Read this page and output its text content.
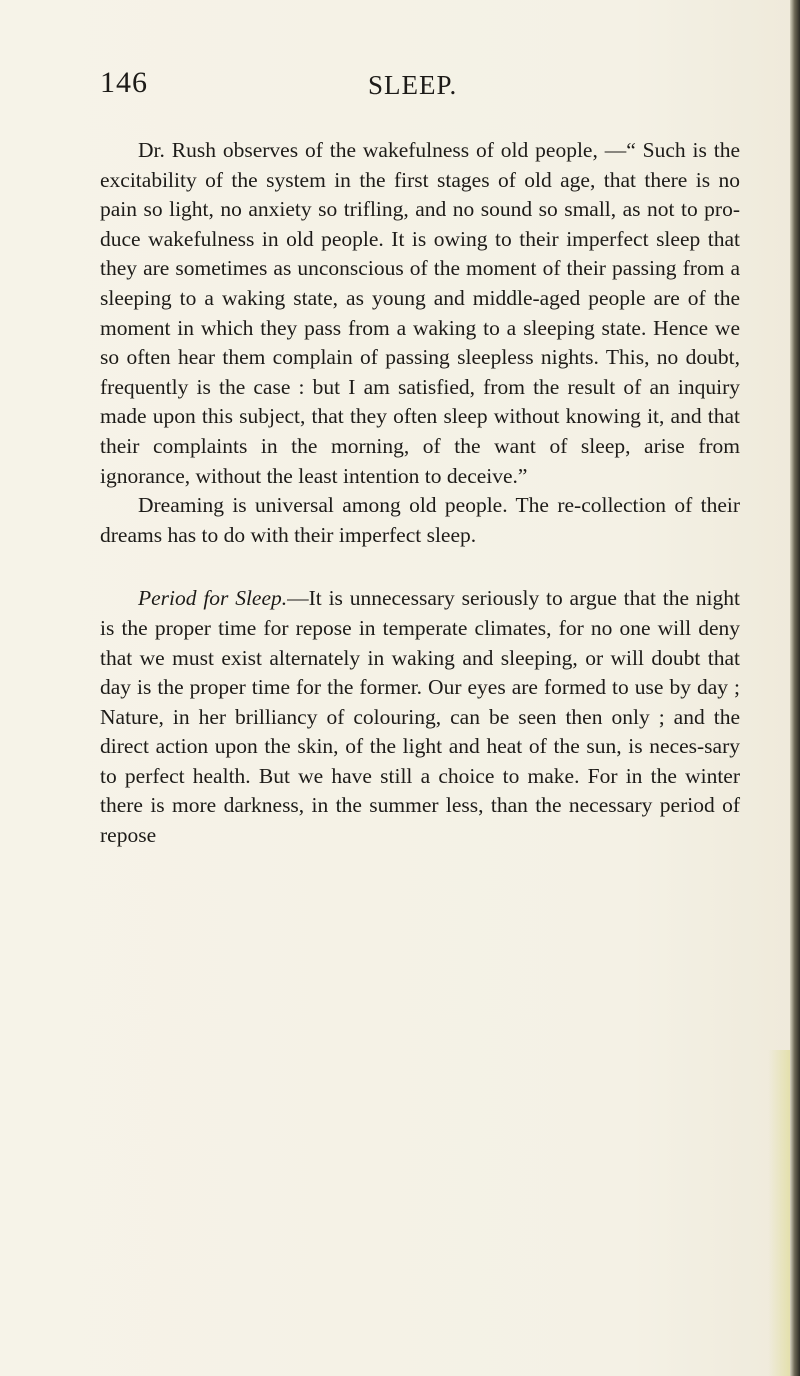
146	SLEEP.

Dr. Rush observes of the wakefulness of old people, —“ Such is the excitability of the system in the first stages of old age, that there is no pain so light, no anxiety so trifling, and no sound so small, as not to pro-duce wakefulness in old people. It is owing to their imperfect sleep that they are sometimes as unconscious of the moment of their passing from a sleeping to a waking state, as young and middle-aged people are of the moment in which they pass from a waking to a sleeping state. Hence we so often hear them complain of passing sleepless nights. This, no doubt, frequently is the case : but I am satisfied, from the result of an inquiry made upon this subject, that they often sleep without knowing it, and that their complaints in the morning, of the want of sleep, arise from ignorance, without the least intention to deceive.”

Dreaming is universal among old people. The re-collection of their dreams has to do with their imperfect sleep.

Period for Sleep.—It is unnecessary seriously to argue that the night is the proper time for repose in temperate climates, for no one will deny that we must exist alternately in waking and sleeping, or will doubt that day is the proper time for the former. Our eyes are formed to use by day ; Nature, in her brilliancy of colouring, can be seen then only ; and the direct action upon the skin, of the light and heat of the sun, is neces-sary to perfect health. But we have still a choice to make. For in the winter there is more darkness, in the summer less, than the necessary period of repose
